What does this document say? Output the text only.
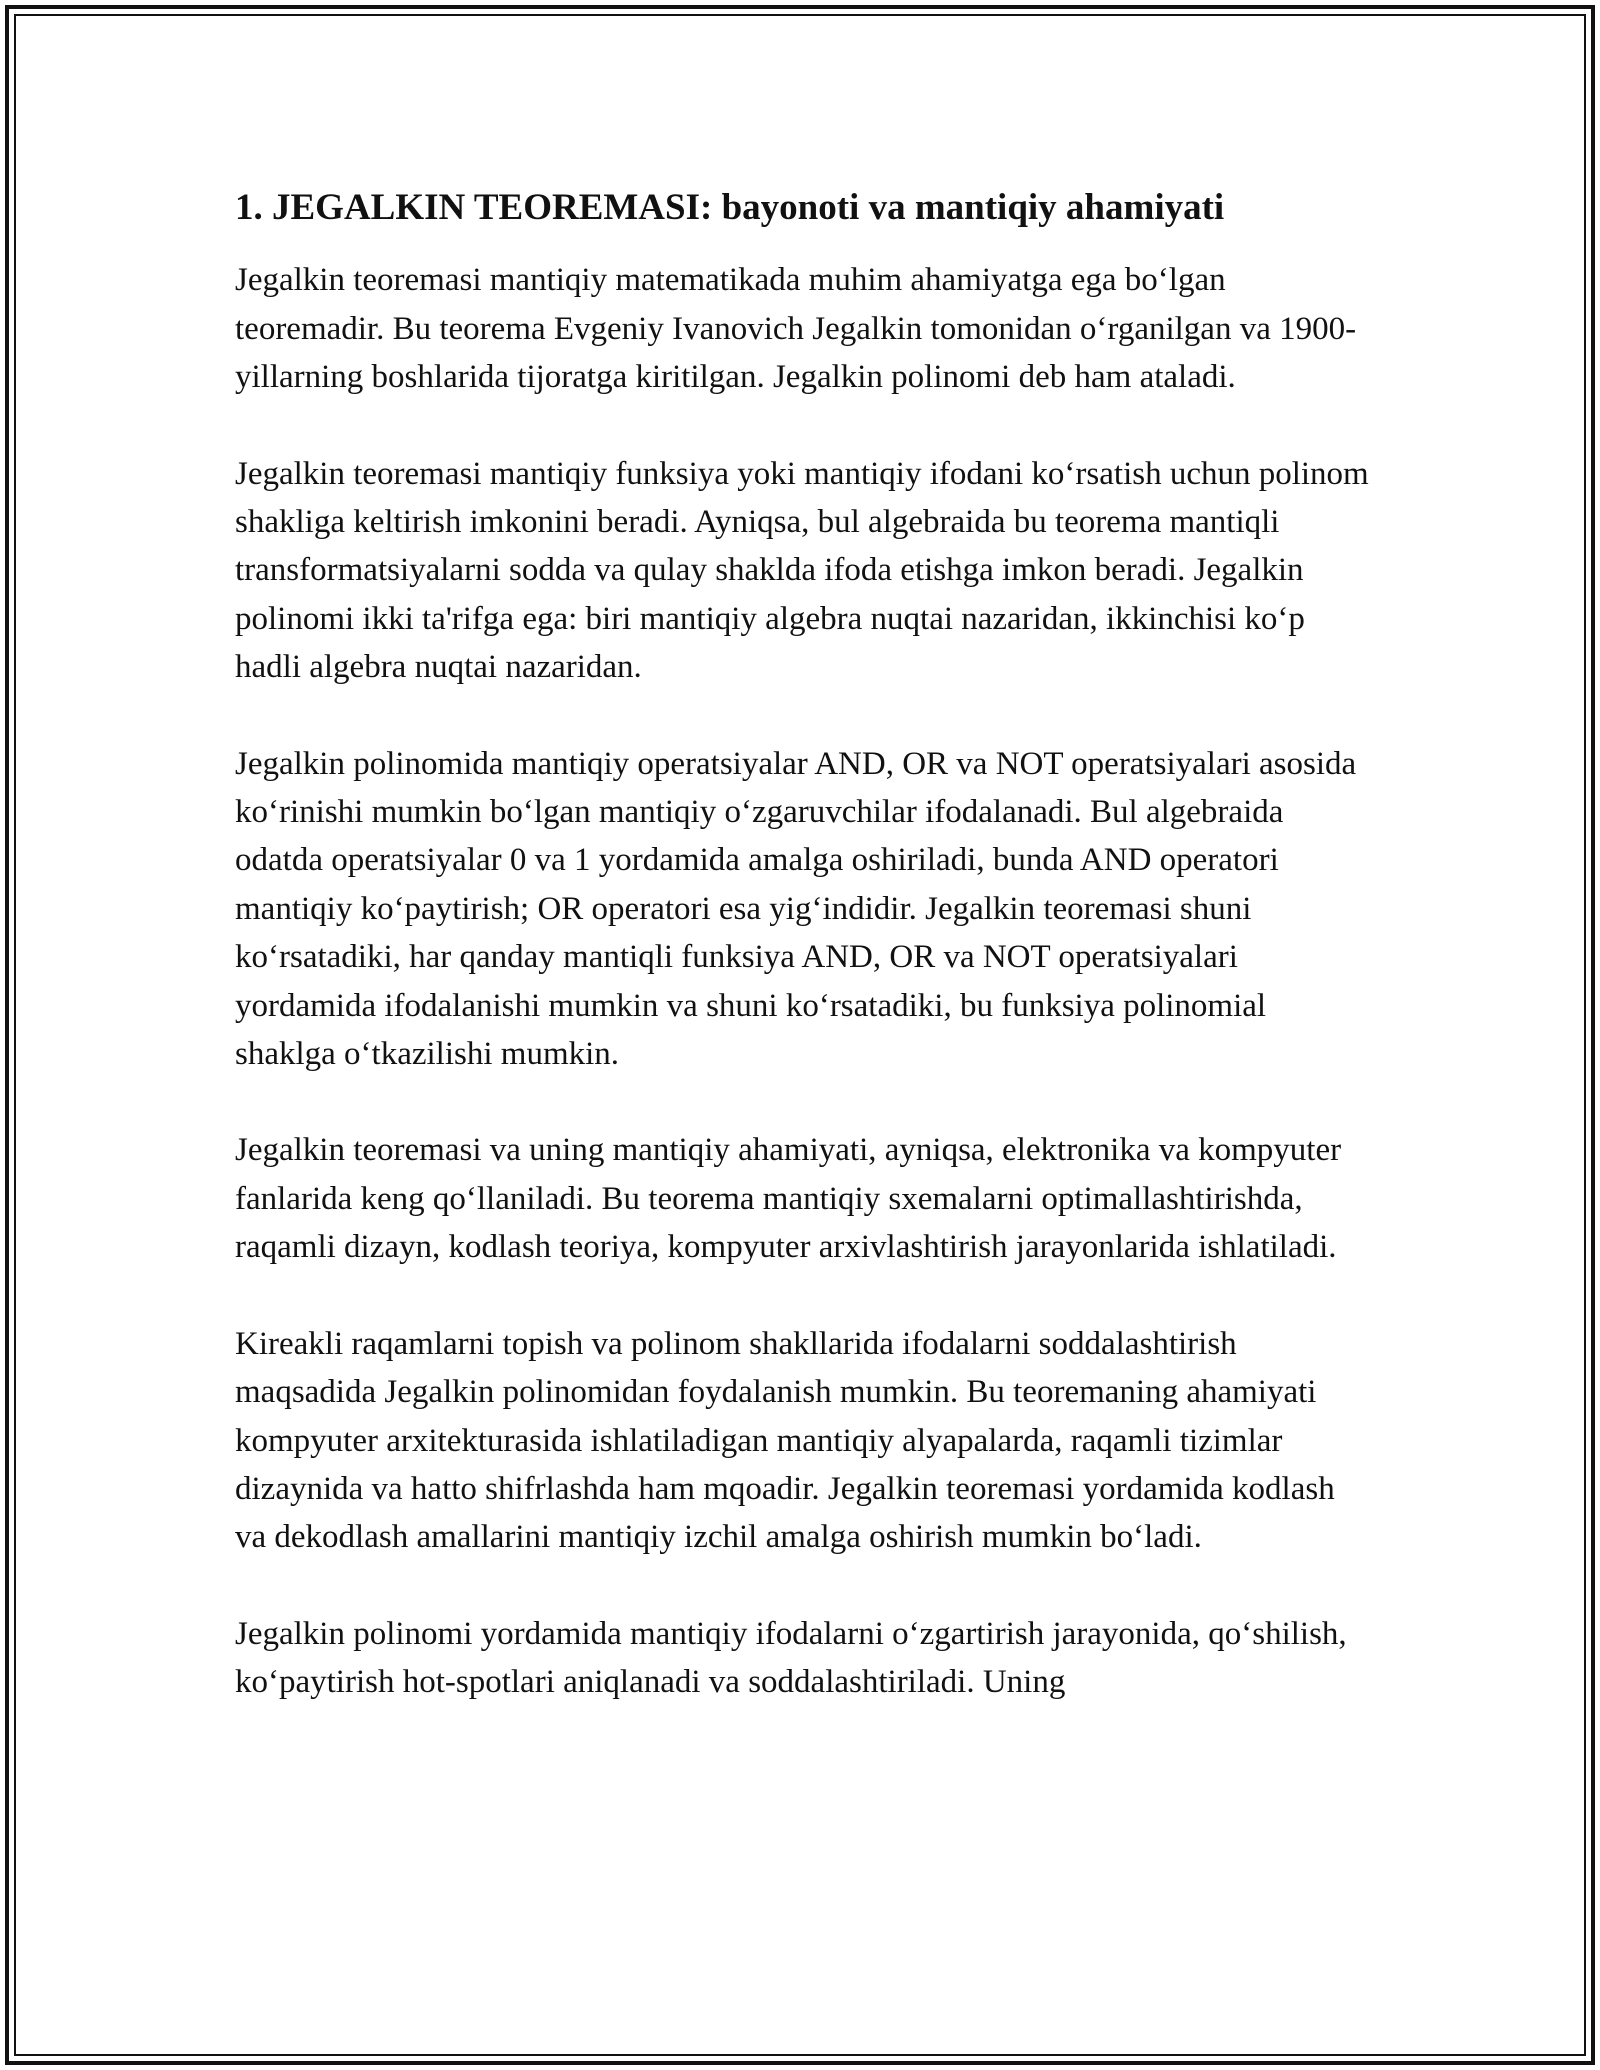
1. JEGALKIN TEOREMASI: bayonoti va mantiqiy ahamiyati

Jegalkin teoremasi mantiqiy matematikada muhim ahamiyatga ega bo‘lgan teoremadir. Bu teorema Evgeniy Ivanovich Jegalkin tomonidan o‘rganilgan va 1900-yillarning boshlarida tijoratga kiritilgan. Jegalkin polinomi deb ham ataladi.

Jegalkin teoremasi mantiqiy funksiya yoki mantiqiy ifodani ko‘rsatish uchun polinom shakliga keltirish imkonini beradi. Ayniqsa, bul algebraida bu teorema mantiqli transformatsiyalarni sodda va qulay shaklda ifoda etishga imkon beradi. Jegalkin polinomi ikki ta'rifga ega: biri mantiqiy algebra nuqtai nazaridan, ikkinchisi ko‘p hadli algebra nuqtai nazaridan.

Jegalkin polinomida mantiqiy operatsiyalar AND, OR va NOT operatsiyalari asosida ko‘rinishi mumkin bo‘lgan mantiqiy o‘zgaruvchilar ifodalanadi. Bul algebraida odatda operatsiyalar 0 va 1 yordamida amalga oshiriladi, bunda AND operatori mantiqiy ko‘paytirish; OR operatori esa yig‘indidir. Jegalkin teoremasi shuni ko‘rsatadiki, har qanday mantiqli funksiya AND, OR va NOT operatsiyalari yordamida ifodalanishi mumkin va shuni ko‘rsatadiki, bu funksiya polinomial shaklga o‘tkazilishi mumkin.

Jegalkin teoremasi va uning mantiqiy ahamiyati, ayniqsa, elektronika va kompyuter fanlarida keng qo‘llaniladi. Bu teorema mantiqiy sxemalarni optimallashtirishda, raqamli dizayn, kodlash teoriya, kompyuter arxivlashtirish jarayonlarida ishlatiladi.

Kireakli raqamlarni topish va polinom shakllarida ifodalarni soddalashtirish maqsadida Jegalkin polinomidan foydalanish mumkin. Bu teoremaning ahamiyati kompyuter arxitekturasida ishlatiladigan mantiqiy alyapalarda, raqamli tizimlar dizaynida va hatto shifrlashda ham mqoadir. Jegalkin teoremasi yordamida kodlash va dekodlash amallarini mantiqiy izchil amalga oshirish mumkin bo‘ladi.

Jegalkin polinomi yordamida mantiqiy ifodalarni o‘zgartirish jarayonida, qo‘shilish, ko‘paytirish hot-spotlari aniqlanadi va soddalashtiriladi. Uning
